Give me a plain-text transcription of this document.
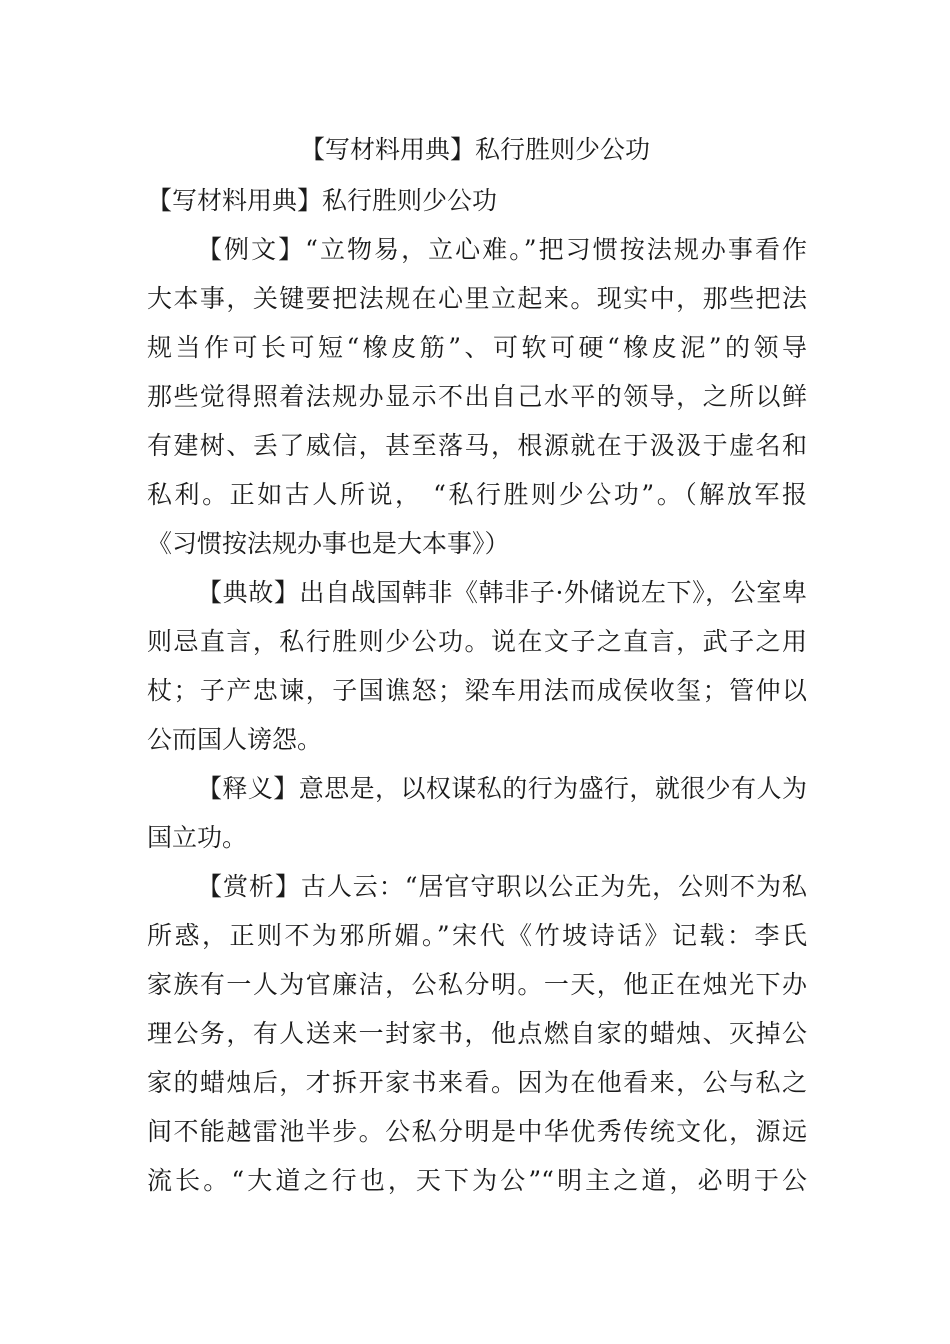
【写材料用典】私行胜则少公功
【写材料用典】私行胜则少公功
【例文】“立物易，立心难。”把习惯按法规办事看作
大本事，关键要把法规在心里立起来。现实中，那些把法
规当作可长可短“橡皮筋”、可软可硬“橡皮泥”的领导
那些觉得照着法规办显示不出自己水平的领导，之所以鲜
有建树、丢了威信，甚至落马，根源就在于汲汲于虚名和
私利。正如古人所说， “私行胜则少公功”。（解放军报
《习惯按法规办事也是大本事》）
【典故】出自战国韩非《韩非子·外储说左下》，公室卑
则忌直言，私行胜则少公功。说在文子之直言，武子之用
杖；子产忠谏，子国谯怒；梁车用法而成侯收玺；管仲以
公而国人谤怨。
【释义】意思是，以权谋私的行为盛行，就很少有人为
国立功。
【赏析】古人云：“居官守职以公正为先，公则不为私
所惑，正则不为邪所媚。”宋代《竹坡诗话》记载：李氏
家族有一人为官廉洁，公私分明。一天，他正在烛光下办
理公务，有人送来一封家书，他点燃自家的蜡烛、灭掉公
家的蜡烛后，才拆开家书来看。因为在他看来，公与私之
间不能越雷池半步。公私分明是中华优秀传统文化，源远
流长。“大道之行也，天下为公”“明主之道，必明于公
